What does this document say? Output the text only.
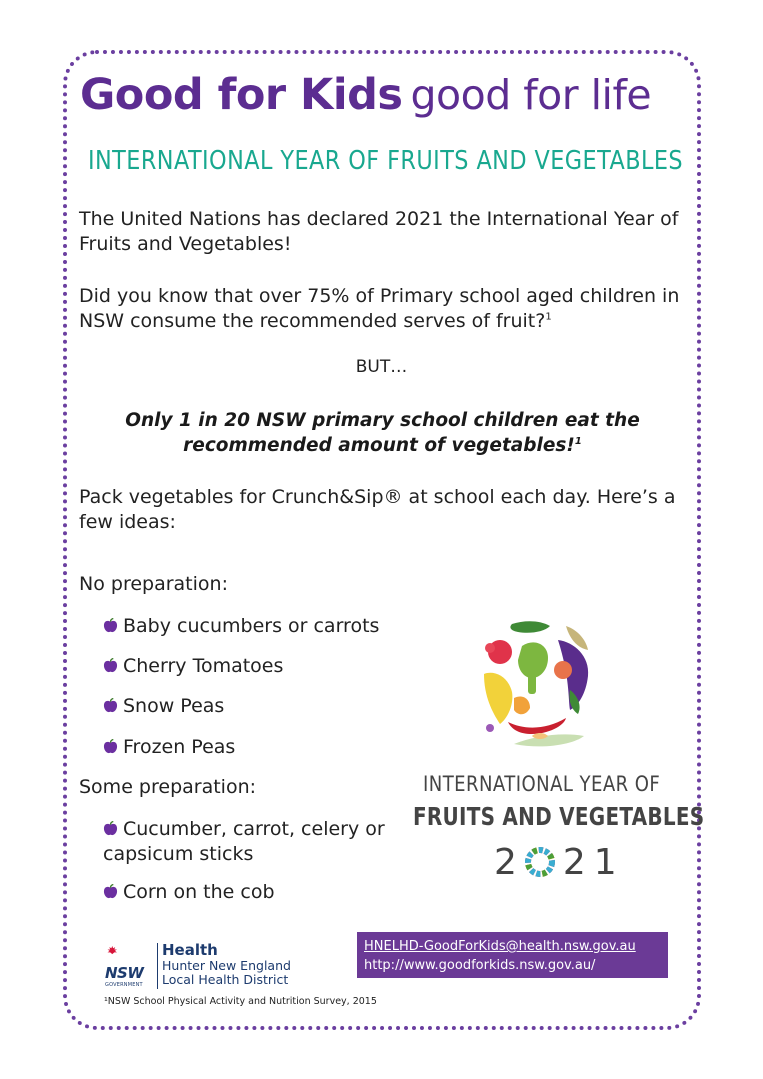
Good for Kids good for life
INTERNATIONAL YEAR OF FRUITS AND VEGETABLES
The United Nations has declared 2021 the International Year of Fruits and Vegetables!
Did you know that over 75% of Primary school aged children in NSW consume the recommended serves of fruit?$^1$
BUT…
Only 1 in 20 NSW primary school children eat the recommended amount of vegetables!$^1$
Pack vegetables for Crunch&Sip® at school each day. Here’s a few ideas:
No preparation:
Baby cucumbers or carrots
Cherry Tomatoes
Snow Peas
Frozen Peas
Some preparation:
Cucumber, carrot, celery or capsicum sticks
Corn on the cob
INTERNATIONAL YEAR OF
FRUITS AND VEGETABLES
2 21
NSW
GOVERNMENT
Health
Hunter New England
Local Health District
HNELHD-GoodForKids@health.nsw.gov.au
http://www.goodforkids.nsw.gov.au/
¹NSW School Physical Activity and Nutrition Survey, 2015
